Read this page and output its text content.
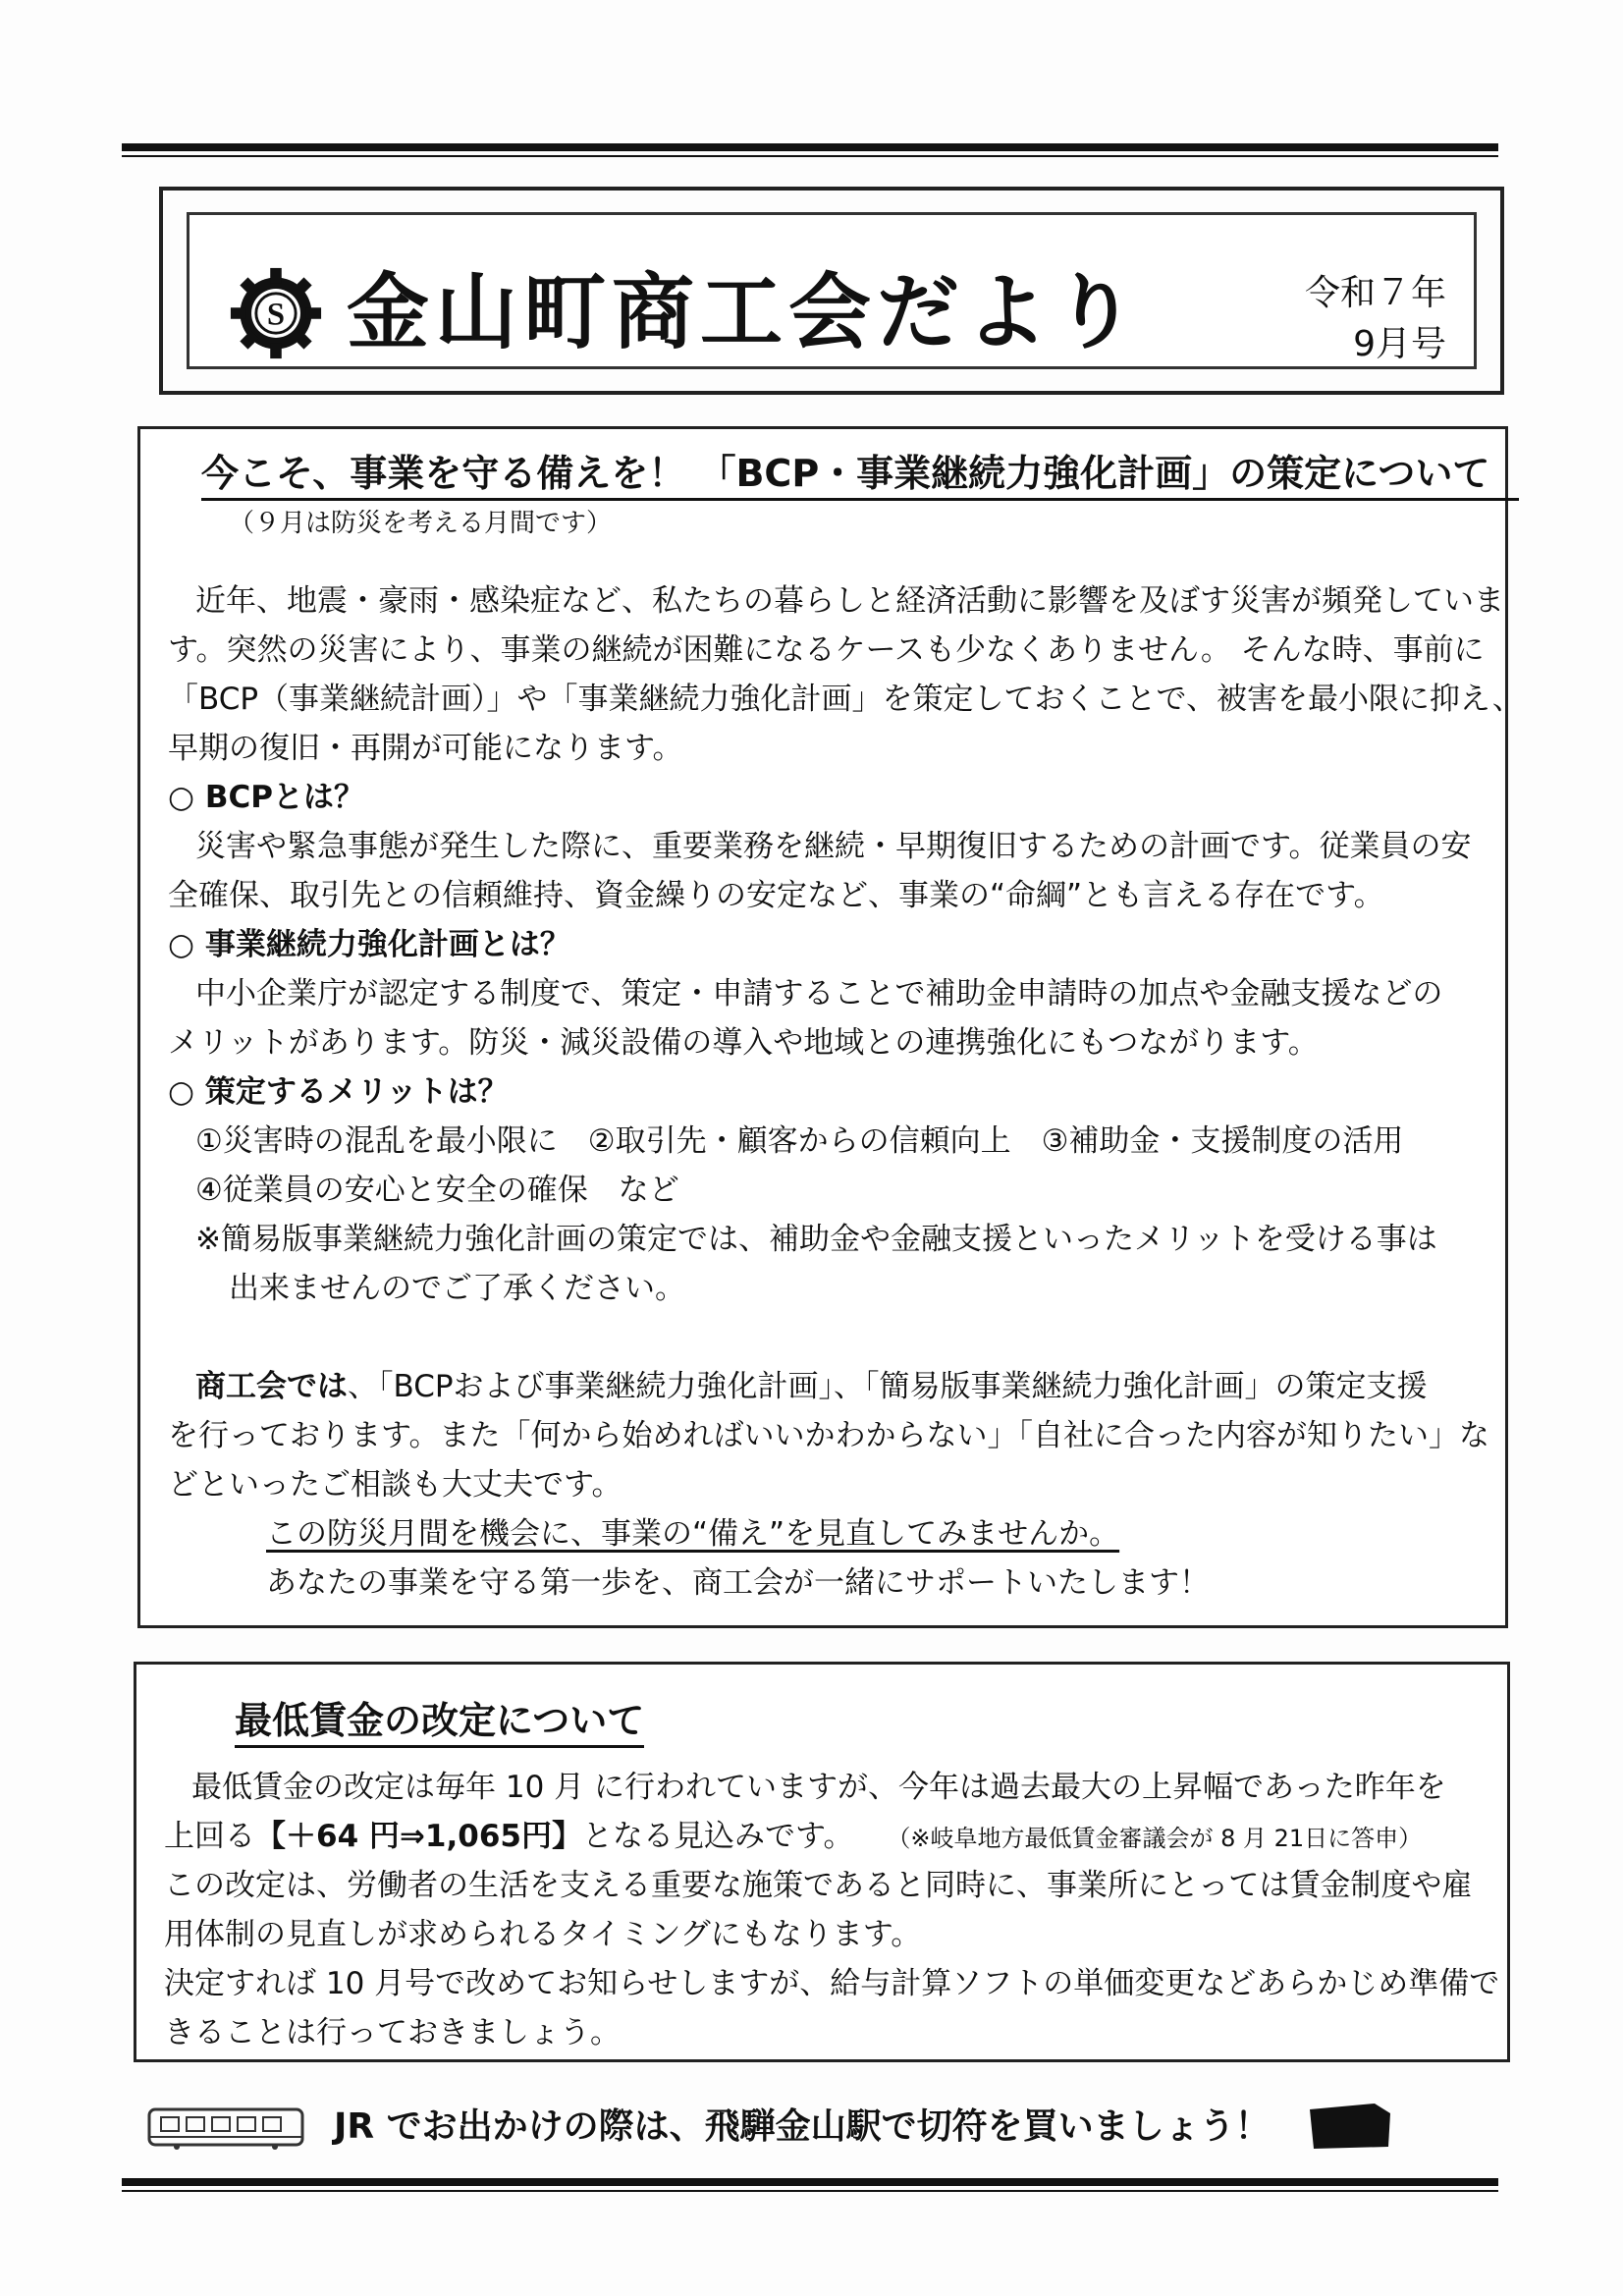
S 金山町商工会だより	令和７年
9月号
今こそ、事業を守る備えを！ 「BCP・事業継続力強化計画」の策定について
（９月は防災を考える月間です）
近年、地震・豪雨・感染症など、私たちの暮らしと経済活動に影響を及ぼす災害が頻発していま
す。突然の災害により、事業の継続が困難になるケースも少なくありません。 そんな時、事前に
「BCP（事業継続計画）」や「事業継続力強化計画」を策定しておくことで、被害を最小限に抑え、
早期の復旧・再開が可能になります。
○ BCPとは？
災害や緊急事態が発生した際に、重要業務を継続・早期復旧するための計画です。従業員の安
全確保、取引先との信頼維持、資金繰りの安定など、事業の“命綱”とも言える存在です。
○ 事業継続力強化計画とは？
中小企業庁が認定する制度で、策定・申請することで補助金申請時の加点や金融支援などの
メリットがあります。防災・減災設備の導入や地域との連携強化にもつながります。
○ 策定するメリットは？
①災害時の混乱を最小限に　②取引先・顧客からの信頼向上　③補助金・支援制度の活用
④従業員の安心と安全の確保　など
※簡易版事業継続力強化計画の策定では、補助金や金融支援といったメリットを受ける事は
出来ませんのでご了承ください。
商工会では、「BCPおよび事業継続力強化計画」、「簡易版事業継続力強化計画」の策定支援
を行っております。また「何から始めればいいかわからない」「自社に合った内容が知りたい」な
どといったご相談も大丈夫です。
この防災月間を機会に、事業の“備え”を見直してみませんか。
あなたの事業を守る第一歩を、商工会が一緒にサポートいたします！
最低賃金の改定について
最低賃金の改定は毎年 10 月 に行われていますが、今年は過去最大の上昇幅であった昨年を
上回る【＋64 円⇒1,065円】となる見込みです。 （※岐阜地方最低賃金審議会が 8 月 21日に答申）
この改定は、労働者の生活を支える重要な施策であると同時に、事業所にとっては賃金制度や雇
用体制の見直しが求められるタイミングにもなります。
決定すれば 10 月号で改めてお知らせしますが、給与計算ソフトの単価変更などあらかじめ準備で
きることは行っておきましょう。
JR でお出かけの際は、飛騨金山駅で切符を買いましょう！
